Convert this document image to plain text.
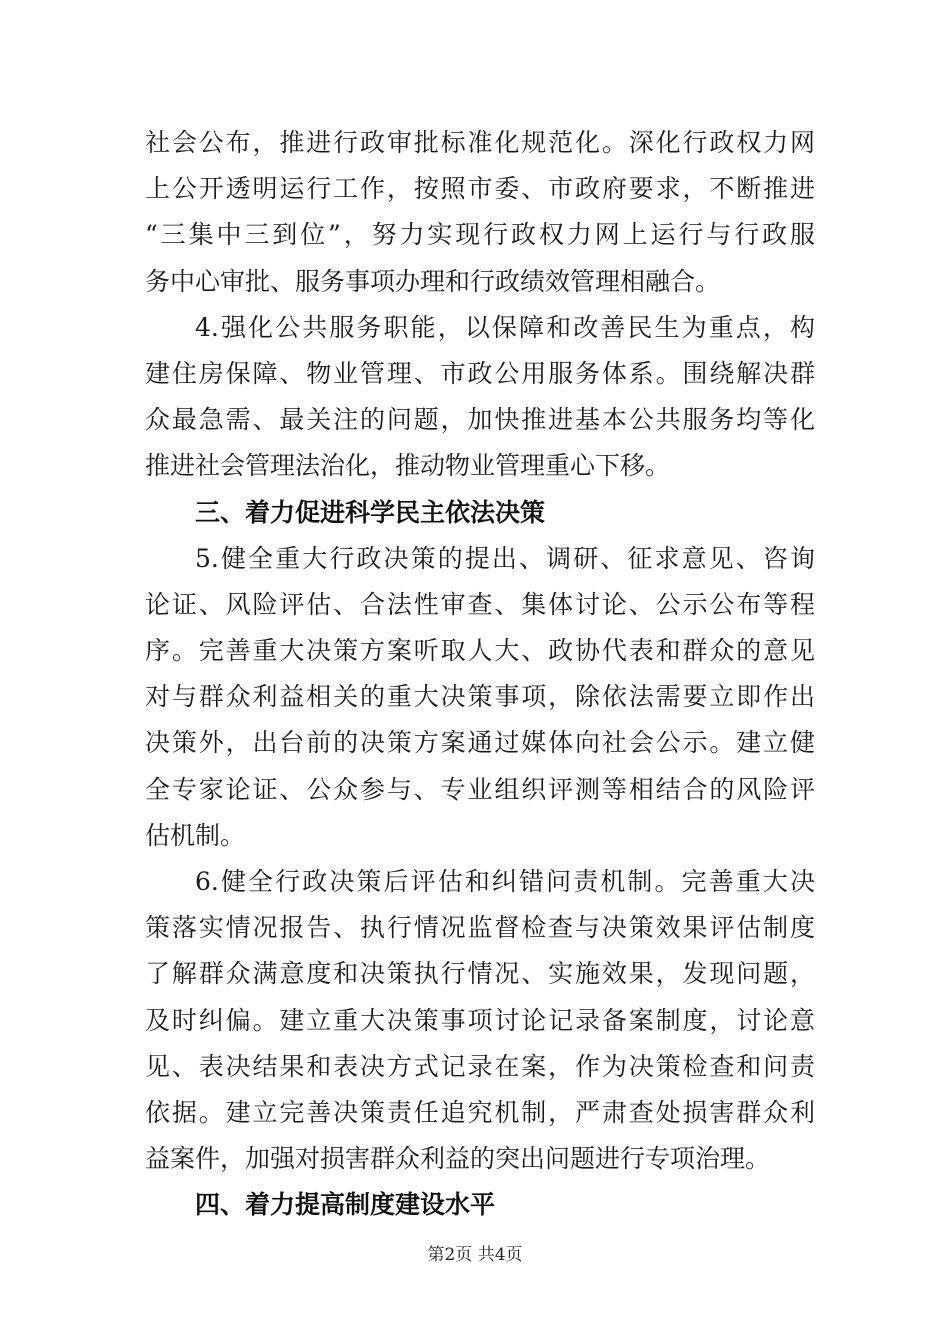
社会公布，推进行政审批标准化规范化。深化行政权力网
上公开透明运行工作，按照市委、市政府要求，不断推进
“三集中三到位”，努力实现行政权力网上运行与行政服
务中心审批、服务事项办理和行政绩效管理相融合。
4.强化公共服务职能，以保障和改善民生为重点，构
建住房保障、物业管理、市政公用服务体系。围绕解决群
众最急需、最关注的问题，加快推进基本公共服务均等化
推进社会管理法治化，推动物业管理重心下移。
三、着力促进科学民主依法决策
5.健全重大行政决策的提出、调研、征求意见、咨询
论证、风险评估、合法性审查、集体讨论、公示公布等程
序。完善重大决策方案听取人大、政协代表和群众的意见
对与群众利益相关的重大决策事项，除依法需要立即作出
决策外，出台前的决策方案通过媒体向社会公示。建立健
全专家论证、公众参与、专业组织评测等相结合的风险评
估机制。
6.健全行政决策后评估和纠错问责机制。完善重大决
策落实情况报告、执行情况监督检查与决策效果评估制度
了解群众满意度和决策执行情况、实施效果，发现问题，
及时纠偏。建立重大决策事项讨论记录备案制度，讨论意
见、表决结果和表决方式记录在案，作为决策检查和问责
依据。建立完善决策责任追究机制，严肃查处损害群众利
益案件，加强对损害群众利益的突出问题进行专项治理。
四、着力提高制度建设水平
第2页 共4页
